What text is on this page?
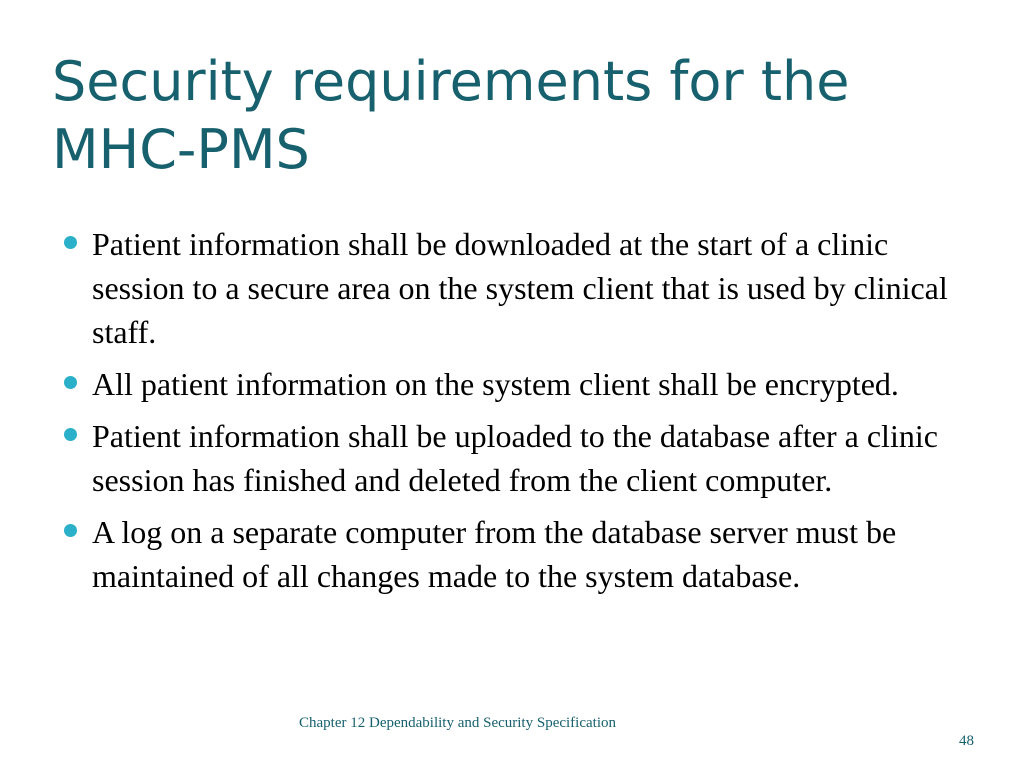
Security requirements for the MHC-PMS
Patient information shall be downloaded at the start of a clinic session to a secure area on the system client that is used by clinical staff.
All patient information on the system client shall be encrypted.
Patient information shall be uploaded to the database after a clinic session has finished and deleted from the client computer.
A log on a separate computer from the database server must be maintained of all changes made to the system database.
Chapter 12 Dependability and Security Specification
48
